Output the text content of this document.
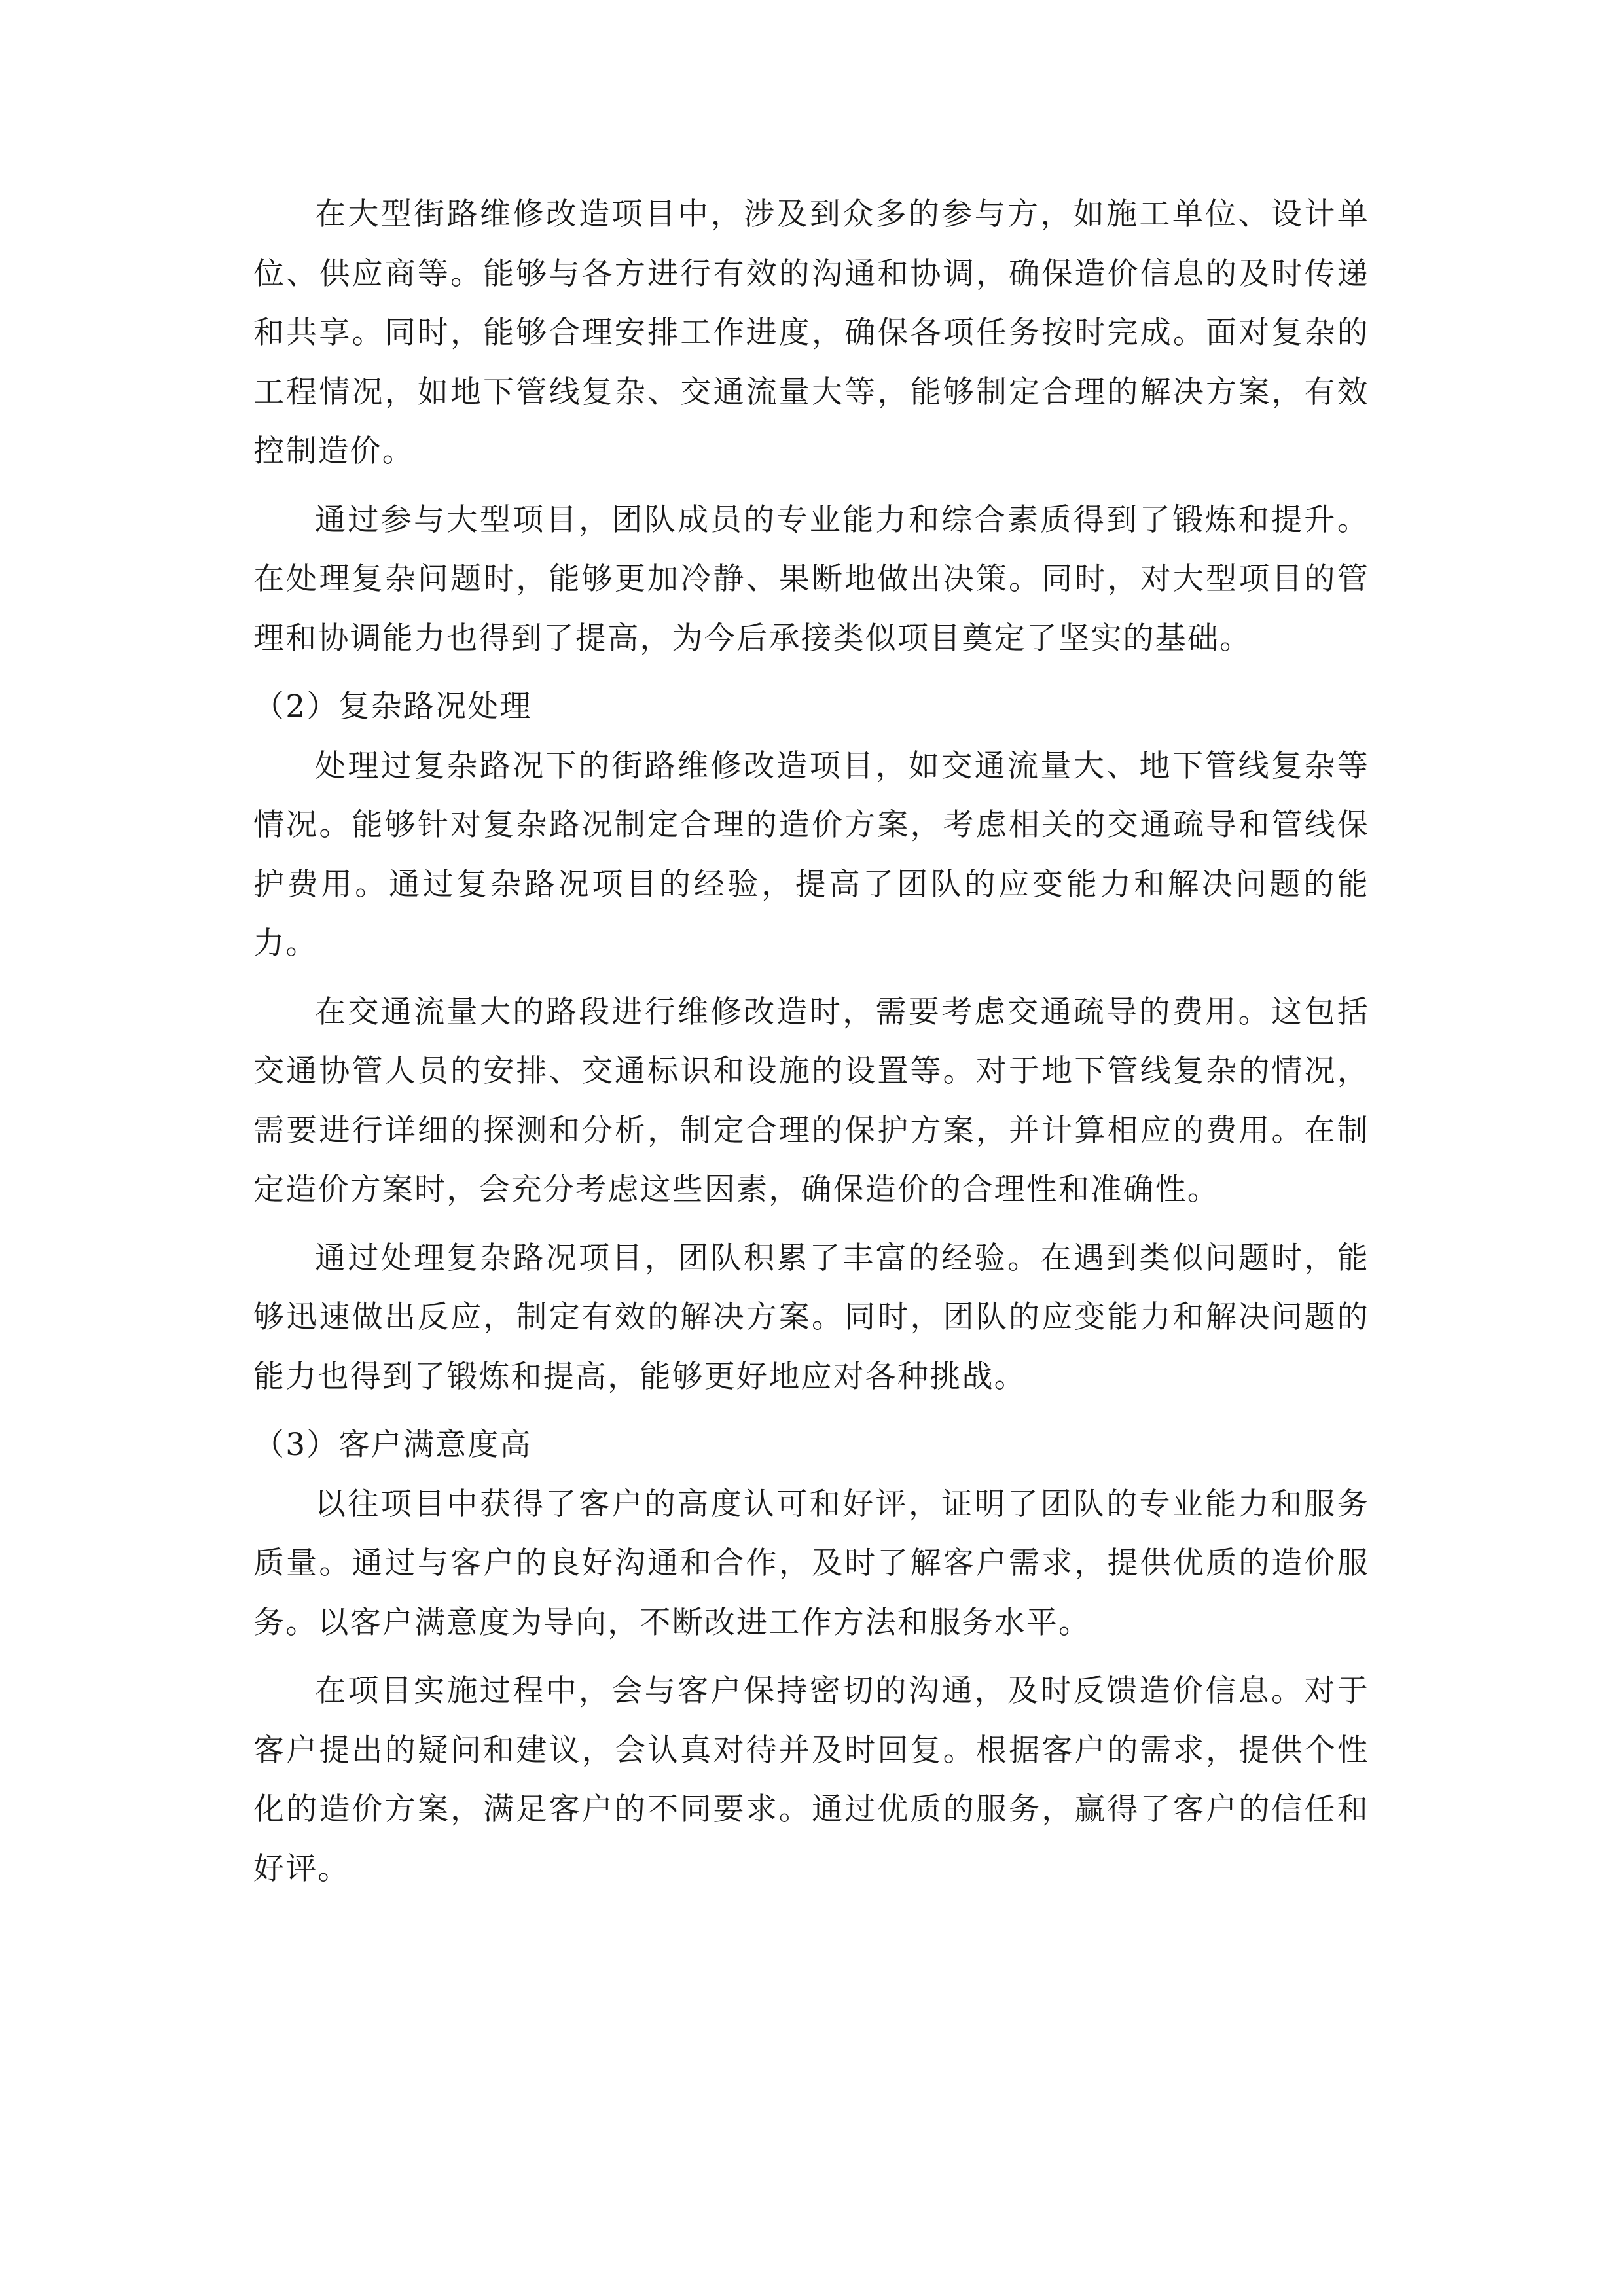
在大型街路维修改造项目中，涉及到众多的参与方，如施工单位、设计单位、供应商等。能够与各方进行有效的沟通和协调，确保造价信息的及时传递和共享。同时，能够合理安排工作进度，确保各项任务按时完成。面对复杂的工程情况，如地下管线复杂、交通流量大等，能够制定合理的解决方案，有效控制造价。

通过参与大型项目，团队成员的专业能力和综合素质得到了锻炼和提升。在处理复杂问题时，能够更加冷静、果断地做出决策。同时，对大型项目的管理和协调能力也得到了提高，为今后承接类似项目奠定了坚实的基础。

（2）复杂路况处理

处理过复杂路况下的街路维修改造项目，如交通流量大、地下管线复杂等情况。能够针对复杂路况制定合理的造价方案，考虑相关的交通疏导和管线保护费用。通过复杂路况项目的经验，提高了团队的应变能力和解决问题的能力。

在交通流量大的路段进行维修改造时，需要考虑交通疏导的费用。这包括交通协管人员的安排、交通标识和设施的设置等。对于地下管线复杂的情况，需要进行详细的探测和分析，制定合理的保护方案，并计算相应的费用。在制定造价方案时，会充分考虑这些因素，确保造价的合理性和准确性。

通过处理复杂路况项目，团队积累了丰富的经验。在遇到类似问题时，能够迅速做出反应，制定有效的解决方案。同时，团队的应变能力和解决问题的能力也得到了锻炼和提高，能够更好地应对各种挑战。

（3）客户满意度高

以往项目中获得了客户的高度认可和好评，证明了团队的专业能力和服务质量。通过与客户的良好沟通和合作，及时了解客户需求，提供优质的造价服务。以客户满意度为导向，不断改进工作方法和服务水平。

在项目实施过程中，会与客户保持密切的沟通，及时反馈造价信息。对于客户提出的疑问和建议，会认真对待并及时回复。根据客户的需求，提供个性化的造价方案，满足客户的不同要求。通过优质的服务，赢得了客户的信任和好评。
